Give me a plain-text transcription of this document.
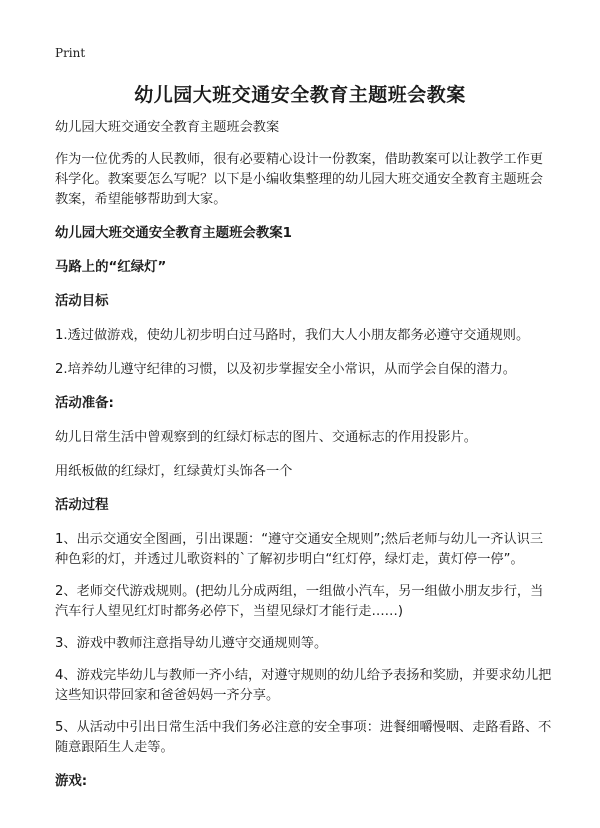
Print
幼儿园大班交通安全教育主题班会教案

幼儿园大班交通安全教育主题班会教案

作为一位优秀的人民教师，很有必要精心设计一份教案，借助教案可以让教学工作更科学化。教案要怎么写呢？以下是小编收集整理的幼儿园大班交通安全教育主题班会教案，希望能够帮助到大家。

幼儿园大班交通安全教育主题班会教案1

马路上的“红绿灯”

活动目标

1.透过做游戏，使幼儿初步明白过马路时，我们大人小朋友都务必遵守交通规则。

2.培养幼儿遵守纪律的习惯，以及初步掌握安全小常识，从而学会自保的潜力。

活动准备:

幼儿日常生活中曾观察到的红绿灯标志的图片、交通标志的作用投影片。

用纸板做的红绿灯，红绿黄灯头饰各一个

活动过程

1、出示交通安全图画，引出课题：“遵守交通安全规则”;然后老师与幼儿一齐认识三种色彩的灯，并透过儿歌资料的`了解初步明白“红灯停，绿灯走，黄灯停一停”。

2、老师交代游戏规则。(把幼儿分成两组，一组做小汽车，另一组做小朋友步行，当汽车行人望见红灯时都务必停下，当望见绿灯才能行走……)

3、游戏中教师注意指导幼儿遵守交通规则等。

4、游戏完毕幼儿与教师一齐小结，对遵守规则的幼儿给予表扬和奖励，并要求幼儿把这些知识带回家和爸爸妈妈一齐分享。

5、从活动中引出日常生活中我们务必注意的安全事项：进餐细嚼慢咽、走路看路、不随意跟陌生人走等。

游戏:
